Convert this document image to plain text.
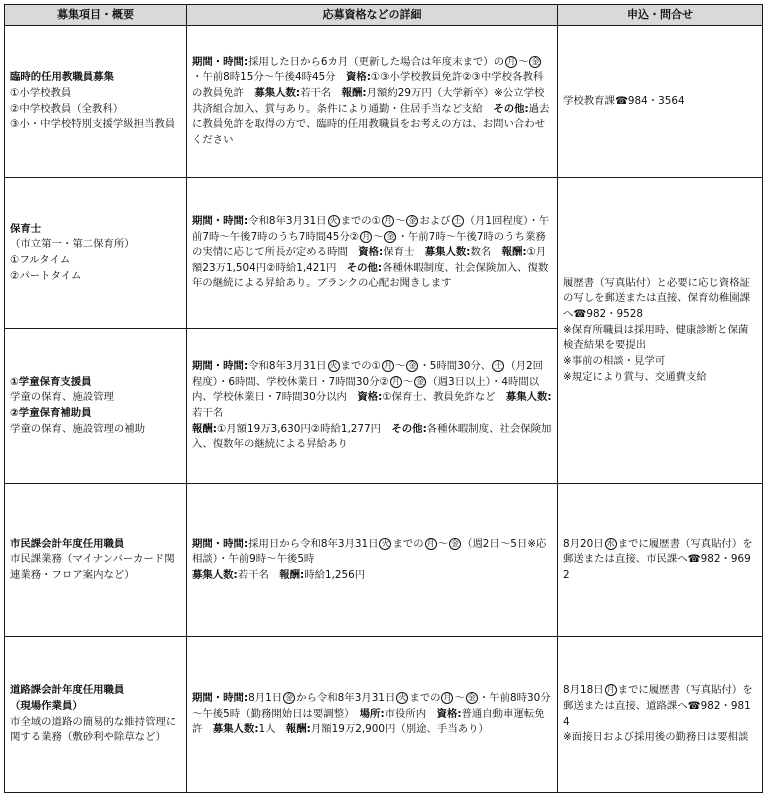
募集項目・概要	応募資格などの詳細	申込・問合せ

臨時的任用教職員募集
①小学校教員
②中学校教員（全教科）
③小・中学校特別支援学級担当教員	期間・時間:採用した日から6カ月（更新した場合は年度末まで）の 月 ～ 金・午前8時15分～午後4時45分　資格:①③小学校教員免許②③中学校各教科の教員免許　募集人数:若干名　報酬:月額約29万円（大学新卒）※公立学校共済組合加入、賞与あり。条件により通勤・住居手当など支給　その他:過去に教員免許を取得の方で、臨時的任用教職員をお考えの方は、お問い合わせください	学校教育課☎984・3564

保育士
（市立第一・第二保育所）
①フルタイム
②パートタイム	期間・時間:令和8年3月31日 火 までの① 月 ～ 金 および 土 （月1回程度）・午前7時～午後7時のうち7時間45分② 月 ～ 金 ・午前7時～午後7時のうち業務の実情に応じて所長が定める時間　資格:保育士　募集人数:数名　報酬:①月額23万1,504円②時給1,421円　その他:各種休暇制度、社会保険加入、復数年の継続による昇給あり。ブランクの心配お聞きします	履歴書（写真貼付）と必要に応じ資格証の写しを郵送または直接、保育幼稚園課へ☎982・9528
※保育所職員は採用時、健康診断と保菌検査結果を要提出
※事前の相談・見学可
※規定により賞与、交通費支給

①学童保育支援員
学童の保育、施設管理
②学童保育補助員
学童の保育、施設管理の補助	期間・時間:令和8年3月31日 火 までの① 月 ～ 金 ・5時間30分、 土 （月2回程度）・6時間、学校休業日・7時間30分② 月 ～ 金 （週3日以上）・4時間以内、学校休業日・7時間30分以内　資格:①保育士、教員免許など　募集人数:若干名
報酬:①月額19万3,630円②時給1,277円　その他:各種休暇制度、社会保険加入、復数年の継続による昇給あり	

市民課会計年度任用職員
市民課業務（マイナンバーカード関連業務・フロア案内など）	期間・時間:採用日から令和8年3月31日 火 までの 月 ～ 金 （週2日～5日※応相談）・午前9時～午後5時
募集人数:若干名　報酬:時給1,256円	8月20日 水 までに履歴書（写真貼付）を郵送または直接、市民課へ☎982・9692

道路課会計年度任用職員
（現場作業員）
市全域の道路の簡易的な維持管理に関する業務（敷砂利や除草など）	期間・時間:8月1日 金 から令和8年3月31日 火 までの 月 ～ 金 ・午前8時30分～午後5時（勤務開始日は要調整）　場所:市役所内　資格:普通自動車運転免許　募集人数:1人　報酬:月額19万2,900円（別途、手当あり）	8月18日 月 までに履歴書（写真貼付）を郵送または直接、道路課へ☎982・9814
※面接日および採用後の勤務日は要相談
